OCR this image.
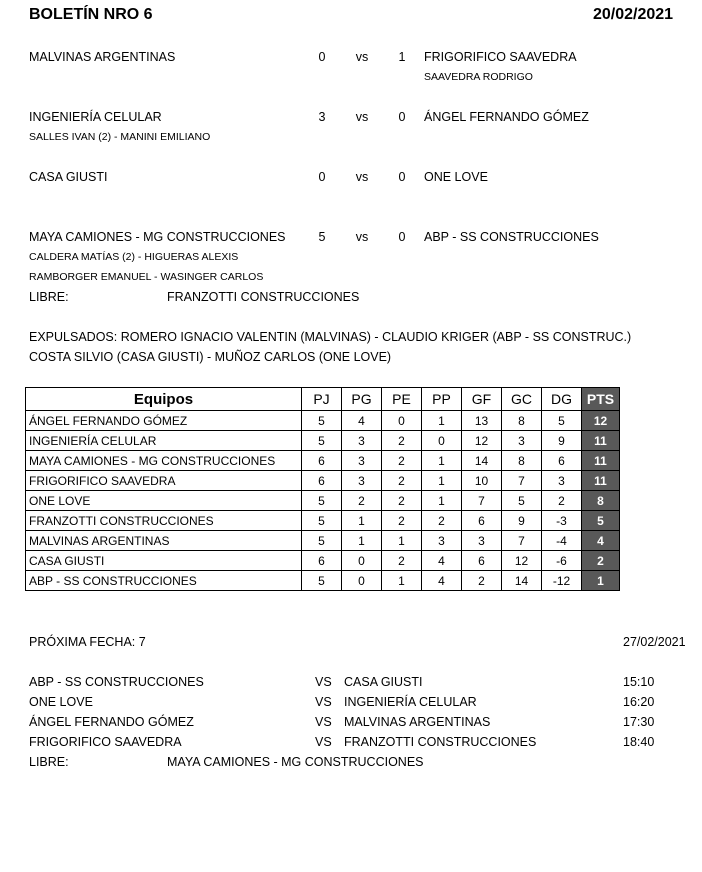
BOLETÍN NRO 6	20/02/2021
MALVINAS ARGENTINAS	0	vs	1	FRIGORIFICO SAAVEDRA
SAAVEDRA RODRIGO
INGENIERÍA CELULAR	3	vs	0	ÁNGEL FERNANDO GÓMEZ
SALLES IVAN (2) - MANINI EMILIANO
CASA GIUSTI	0	vs	0	ONE LOVE
MAYA CAMIONES - MG CONSTRUCCIONES	5	vs	0	ABP - SS CONSTRUCCIONES
CALDERA MATÍAS (2) - HIGUERAS ALEXIS
RAMBORGER EMANUEL - WASINGER CARLOS
LIBRE:	FRANZOTTI CONSTRUCCIONES
EXPULSADOS: ROMERO IGNACIO VALENTIN (MALVINAS) - CLAUDIO KRIGER (ABP - SS CONSTRUC.)
COSTA SILVIO (CASA GIUSTI) - MUÑOZ CARLOS (ONE LOVE)
Equipos	PJ	PG	PE	PP	GF	GC	DG	PTS
ÁNGEL FERNANDO GÓMEZ	5	4	0	1	13	8	5	12
INGENIERÍA CELULAR	5	3	2	0	12	3	9	11
MAYA CAMIONES - MG CONSTRUCCIONES	6	3	2	1	14	8	6	11
FRIGORIFICO SAAVEDRA	6	3	2	1	10	7	3	11
ONE LOVE	5	2	2	1	7	5	2	8
FRANZOTTI CONSTRUCCIONES	5	1	2	2	6	9	-3	5
MALVINAS ARGENTINAS	5	1	1	3	3	7	-4	4
CASA GIUSTI	6	0	2	4	6	12	-6	2
ABP - SS CONSTRUCCIONES	5	0	1	4	2	14	-12	1
PRÓXIMA FECHA: 7	27/02/2021
ABP - SS CONSTRUCCIONES	VS CASA GIUSTI	15:10
ONE LOVE	VS INGENIERÍA CELULAR	16:20
ÁNGEL FERNANDO GÓMEZ	VS MALVINAS ARGENTINAS	17:30
FRIGORIFICO SAAVEDRA	VS FRANZOTTI CONSTRUCCIONES	18:40
LIBRE:	MAYA CAMIONES - MG CONSTRUCCIONES
